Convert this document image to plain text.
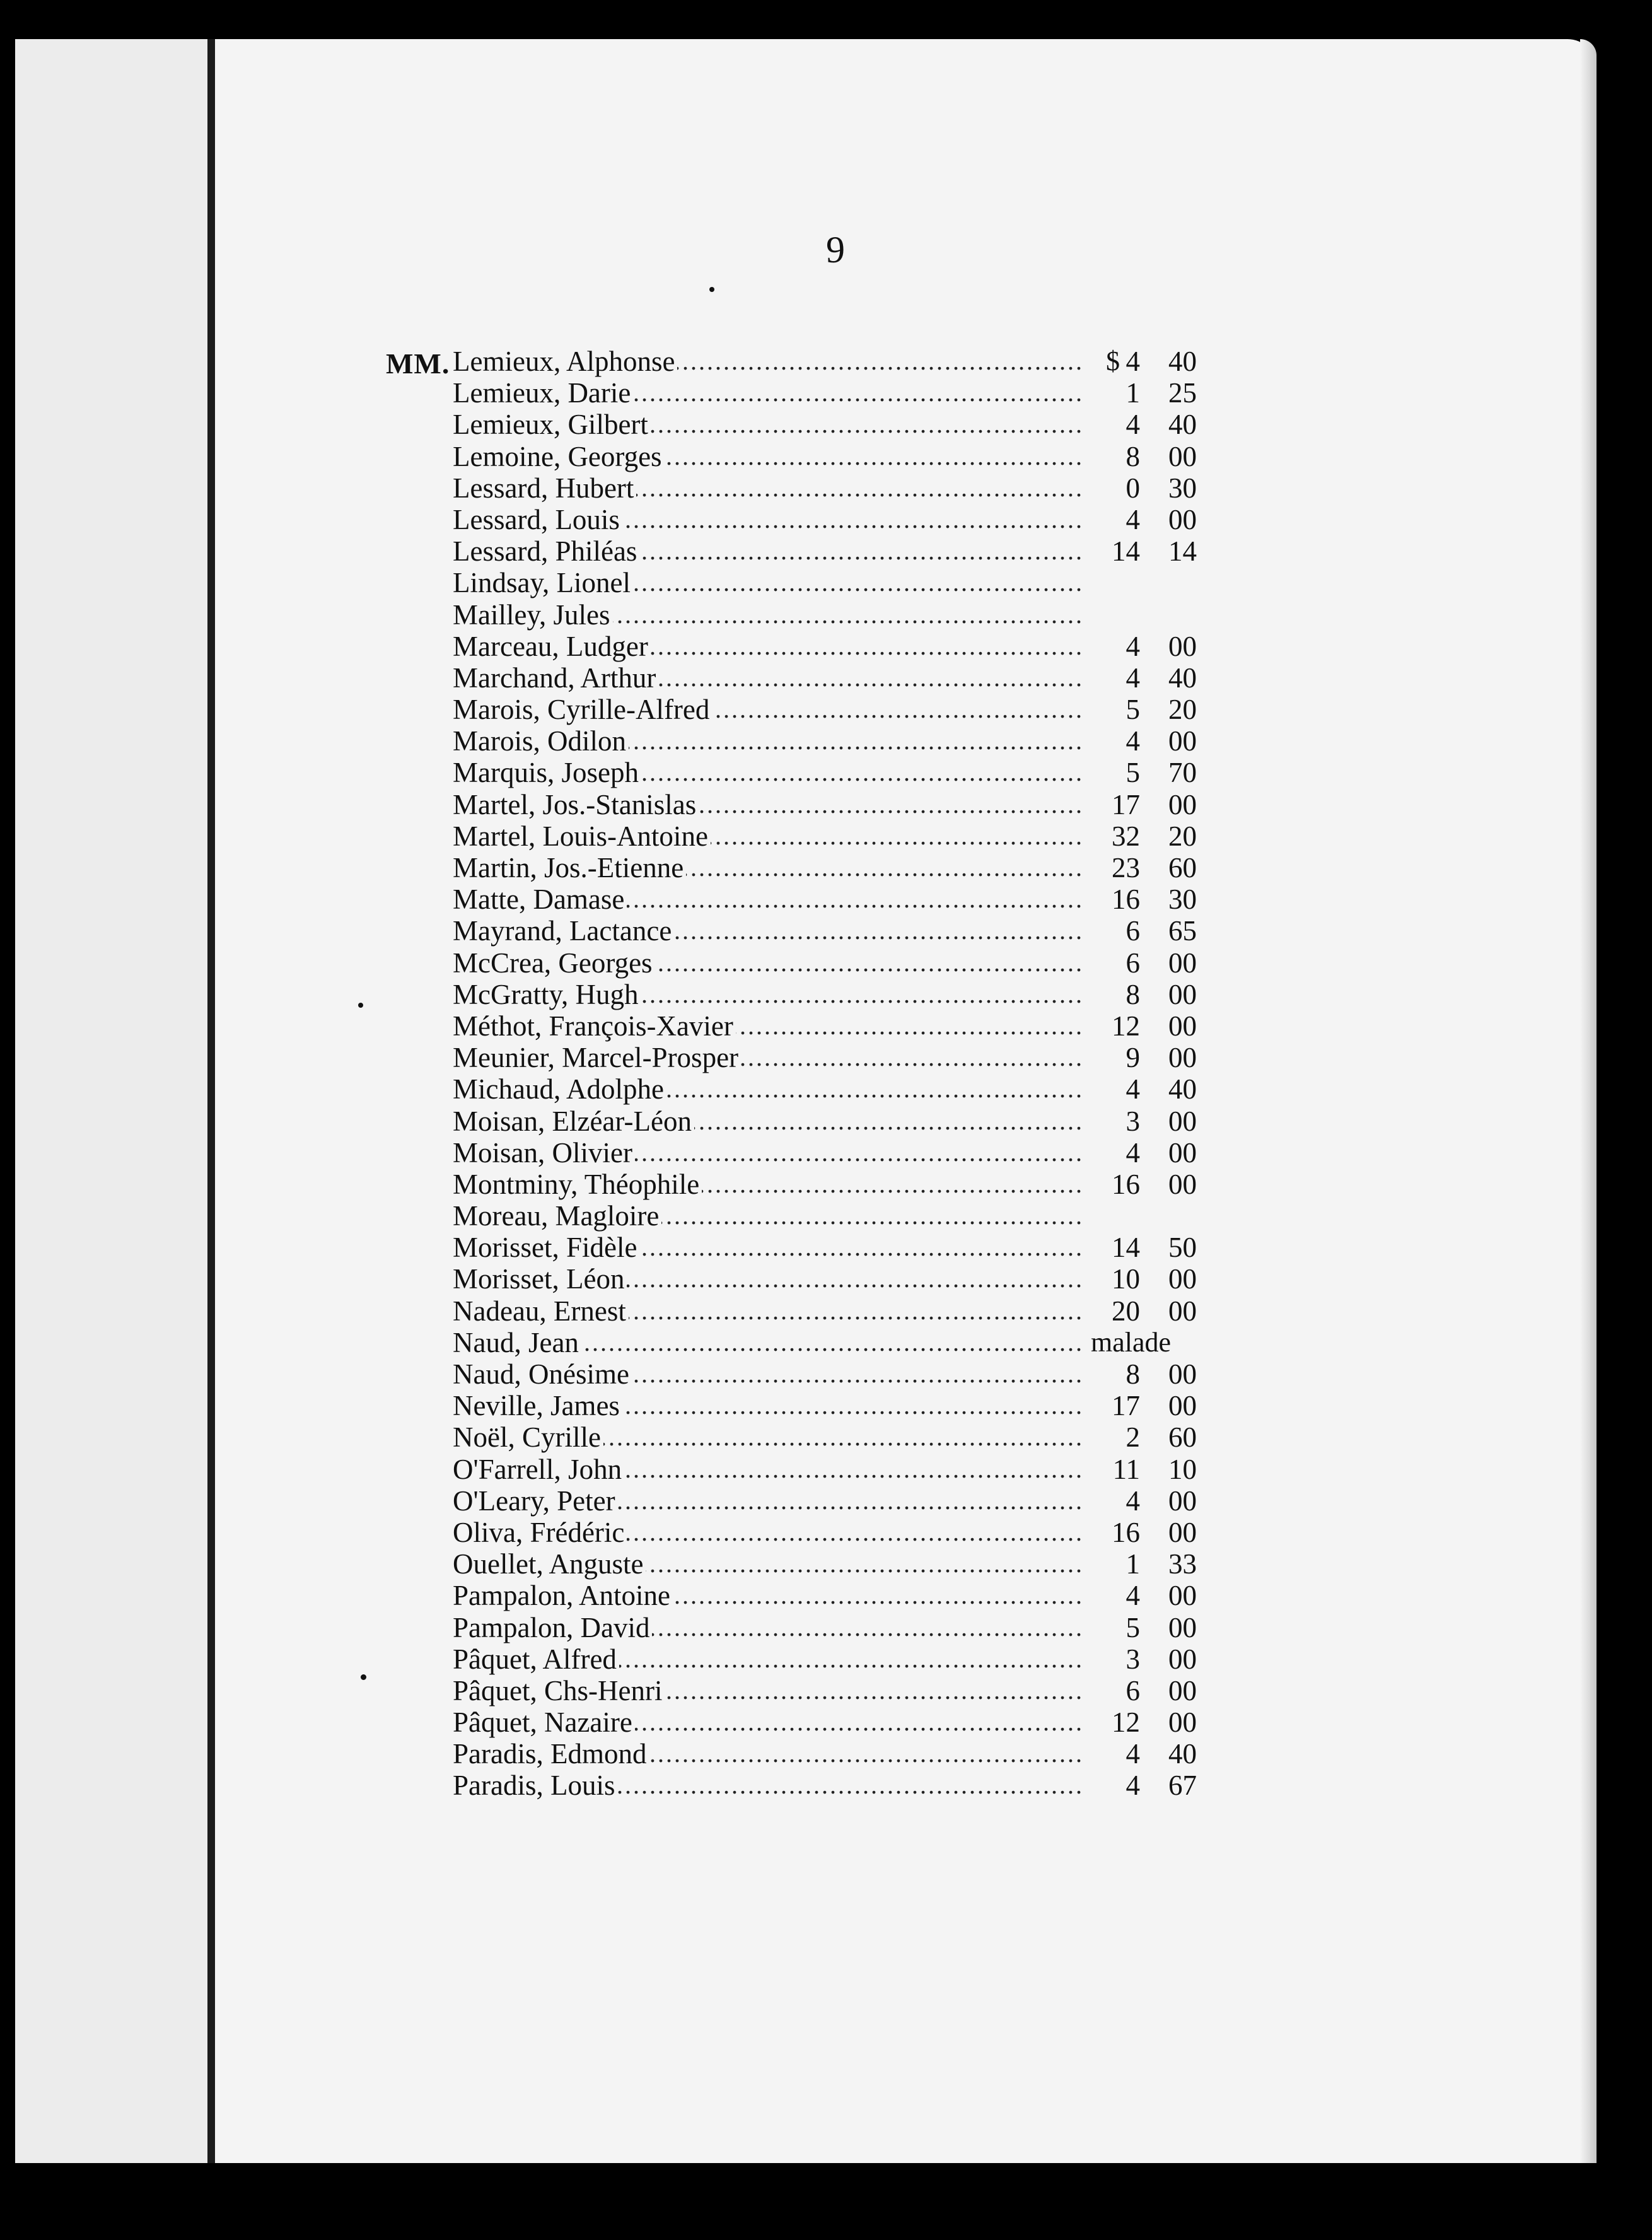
9
MM.
..... Lemieux, Alphonse	$ 4 40
.....
Lemieux, Darie	1 25
.....
Lemieux, Gilbert	4 40
.....
Lemoine, Georges	8 00
.....
Lessard, Hubert	0 30
.....
Lessard, Louis	4 00
.....
Lessard, Philéas	14 14
.....
Lindsay, Lionel
.....
Mailley, Jules
.....
Marceau, Ludger	4 00
.....
Marchand, Arthur	4 40
.....
Marois, Cyrille-Alfred	5 20
.....
Marois, Odilon	4 00
.....
Marquis, Joseph	5 70
.....
Martel, Jos.-Stanislas	17 00
.....
Martel, Louis-Antoine	32 20
.....
Martin, Jos.-Etienne	23 60
.....
Matte, Damase	16 30
.....
Mayrand, Lactance	6 65
.....
McCrea, Georges	6 00
.....
McGratty, Hugh	8 00
.....
Méthot, François-Xavier	12 00
.....
Meunier, Marcel-Prosper	9 00
.....
Michaud, Adolphe	4 40
.....
Moisan, Elzéar-Léon	3 00
.....
Moisan, Olivier	4 00
.....
Montminy, Théophile	16 00
.....
Moreau, Magloire
.....
Morisset, Fidèle	14 50
.....
Morisset, Léon	10 00
.....
Nadeau, Ernest	20 00
.....
Naud, Jean	malade
.....
Naud, Onésime	8 00
.....
Neville, James	17 00
.....
Noël, Cyrille	2 60
.....
O'Farrell, John	11 10
.....
O'Leary, Peter	4 00
.....
Oliva, Frédéric	16 00
.....
Ouellet, Anguste	1 33
.....
Pampalon, Antoine	4 00
.....
Pampalon, David	5 00
.....
Pâquet, Alfred	3 00
.....
Pâquet, Chs-Henri	6 00
.....
Pâquet, Nazaire	12 00
.....
Paradis, Edmond	4 40
.....
Paradis, Louis	4 67
